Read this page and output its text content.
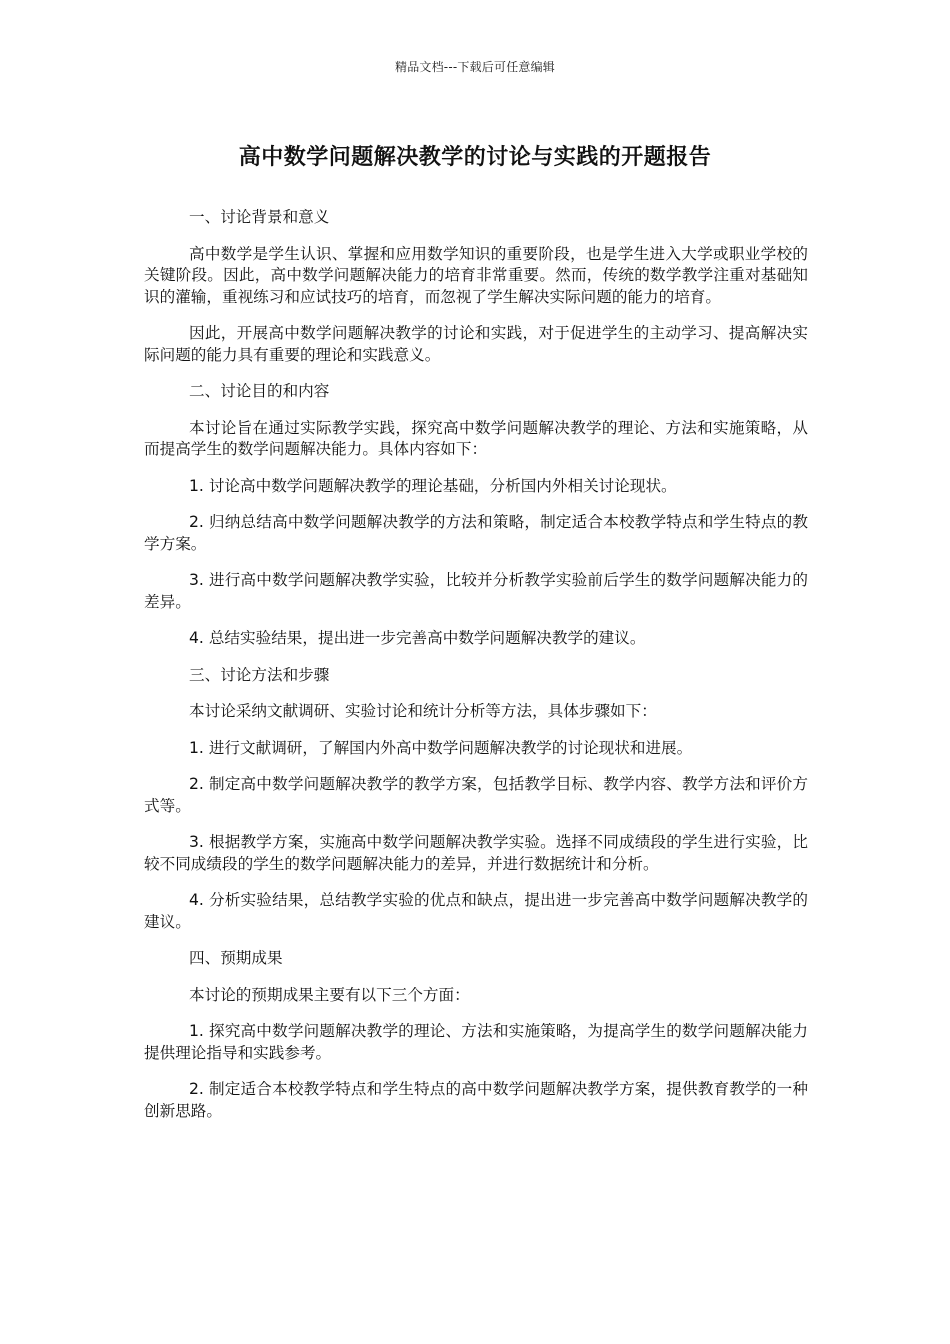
精品文档---下载后可任意编辑
高中数学问题解决教学的讨论与实践的开题报告

一、讨论背景和意义

高中数学是学生认识、掌握和应用数学知识的重要阶段，也是学生进入大学或职业学校的关键阶段。因此，高中数学问题解决能力的培育非常重要。然而，传统的数学教学注重对基础知识的灌输，重视练习和应试技巧的培育，而忽视了学生解决实际问题的能力的培育。

因此，开展高中数学问题解决教学的讨论和实践，对于促进学生的主动学习、提高解决实际问题的能力具有重要的理论和实践意义。

二、讨论目的和内容

本讨论旨在通过实际教学实践，探究高中数学问题解决教学的理论、方法和实施策略，从而提高学生的数学问题解决能力。具体内容如下：

1. 讨论高中数学问题解决教学的理论基础，分析国内外相关讨论现状。

2. 归纳总结高中数学问题解决教学的方法和策略，制定适合本校教学特点和学生特点的教学方案。

3. 进行高中数学问题解决教学实验，比较并分析教学实验前后学生的数学问题解决能力的差异。

4. 总结实验结果，提出进一步完善高中数学问题解决教学的建议。

三、讨论方法和步骤

本讨论采纳文献调研、实验讨论和统计分析等方法，具体步骤如下：

1. 进行文献调研，了解国内外高中数学问题解决教学的讨论现状和进展。

2. 制定高中数学问题解决教学的教学方案，包括教学目标、教学内容、教学方法和评价方式等。

3. 根据教学方案，实施高中数学问题解决教学实验。选择不同成绩段的学生进行实验，比较不同成绩段的学生的数学问题解决能力的差异，并进行数据统计和分析。

4. 分析实验结果，总结教学实验的优点和缺点，提出进一步完善高中数学问题解决教学的建议。

四、预期成果

本讨论的预期成果主要有以下三个方面：

1. 探究高中数学问题解决教学的理论、方法和实施策略，为提高学生的数学问题解决能力提供理论指导和实践参考。

2. 制定适合本校教学特点和学生特点的高中数学问题解决教学方案，提供教育教学的一种创新思路。
